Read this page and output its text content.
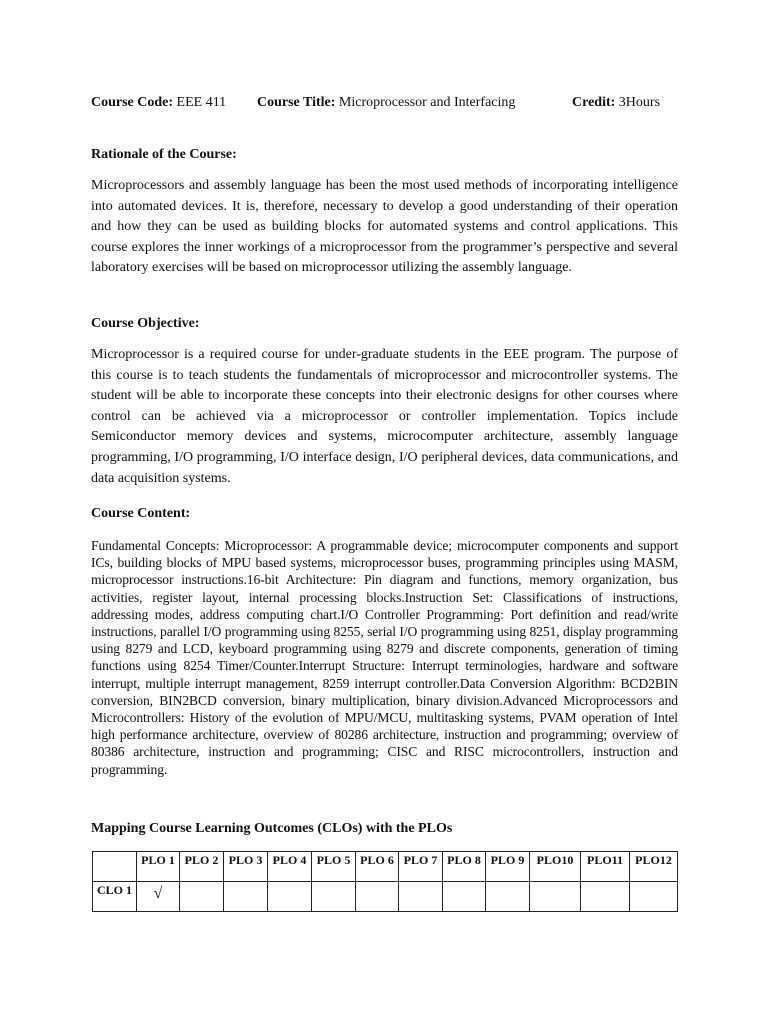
Course Code: EEE 411 Course Title: Microprocessor and Interfacing	Credit: 3Hours
Rationale of the Course:

Microprocessors and assembly language has been the most used methods of incorporating intelligence into automated devices. It is, therefore, necessary to develop a good understanding of their operation and how they can be used as building blocks for automated systems and control applications. This course explores the inner workings of a microprocessor from the programmer’s perspective and several laboratory exercises will be based on microprocessor utilizing the assembly language.

Course Objective:

Microprocessor is a required course for under-graduate students in the EEE program. The purpose of this course is to teach students the fundamentals of microprocessor and microcontroller systems. The student will be able to incorporate these concepts into their electronic designs for other courses where control can be achieved via a microprocessor or controller implementation. Topics include Semiconductor memory devices and systems, microcomputer architecture, assembly language programming, I/O programming, I/O interface design, I/O peripheral devices, data communications, and data acquisition systems.

Course Content:

Fundamental Concepts: Microprocessor: A programmable device; microcomputer components and support ICs, building blocks of MPU based systems, microprocessor buses, programming principles using MASM, microprocessor instructions.16-bit Architecture: Pin diagram and functions, memory organization, bus activities, register layout, internal processing blocks.Instruction Set: Classifications of instructions, addressing modes, address computing chart.I/O Controller Programming: Port definition and read/write instructions, parallel I/O programming using 8255, serial I/O programming using 8251, display programming using 8279 and LCD, keyboard programming using 8279 and discrete components, generation of timing functions using 8254 Timer/Counter.Interrupt Structure: Interrupt terminologies, hardware and software interrupt, multiple interrupt management, 8259 interrupt controller.Data Conversion Algorithm: BCD2BIN conversion, BIN2BCD conversion, binary multiplication, binary division.Advanced Microprocessors and Microcontrollers: History of the evolution of MPU/MCU, multitasking systems, PVAM operation of Intel high performance architecture, overview of 80286 architecture, instruction and programming; overview of 80386 architecture, instruction and programming; CISC and RISC microcontrollers, instruction and programming.

Mapping Course Learning Outcomes (CLOs) with the PLOs
	PLO 1	PLO 2	PLO 3	PLO 4	PLO 5	PLO 6	PLO 7	PLO 8	PLO 9	PLO10	PLO11	PLO12
CLO 1	√											
